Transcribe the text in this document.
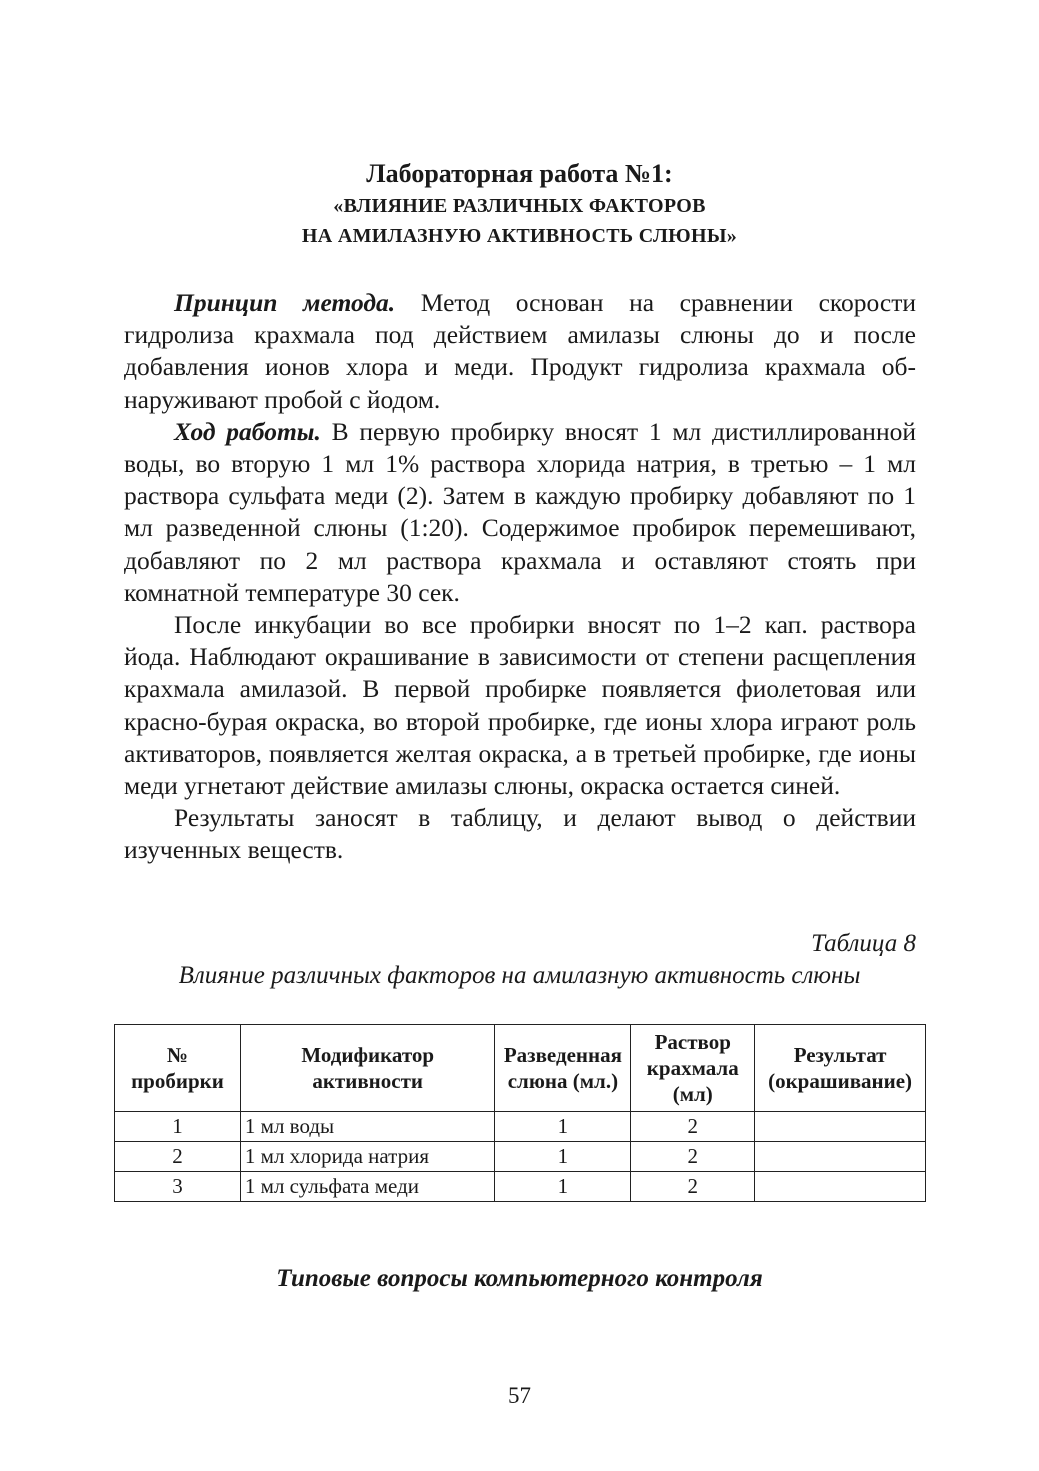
Лабораторная работа №1:
«ВЛИЯНИЕ РАЗЛИЧНЫХ ФАКТОРОВ
НА АМИЛАЗНУЮ АКТИВНОСТЬ СЛЮНЫ»

Принцип метода. Метод основан на сравнении скорости гидролиза крахмала под действием амилазы слюны до и после добавления ионов хлора и меди. Продукт гидролиза крахмала обнаруживают пробой с йодом.

Ход работы. В первую пробирку вносят 1 мл дистиллированной воды, во вторую 1 мл 1% раствора хлорида натрия, в третью – 1 мл раствора сульфата меди (2). Затем в каждую пробирку добавляют по 1 мл разведенной слюны (1:20). Содержимое пробирок перемешивают, добавляют по 2 мл раствора крахмала и оставляют стоять при комнатной температуре 30 сек.

После инкубации во все пробирки вносят по 1–2 кап. раствора йода. Наблюдают окрашивание в зависимости от степени расщепления крахмала амилазой. В первой пробирке появляется фиолетовая или красно-бурая окраска, во второй пробирке, где ионы хлора играют роль активаторов, появляется желтая окраска, а в третьей пробирке, где ионы меди угнетают действие амилазы слюны, окраска остается синей.

Результаты заносят в таблицу, и делают вывод о действии изученных веществ.

Таблица 8
Влияние различных факторов на амилазную активность слюны
№ пробирки	Модификатор активности	Разведенная слюна (мл.)	Раствор крахмала (мл)	Результат (окрашивание)
1	1 мл воды	1	2	
2	1 мл хлорида натрия	1	2	
3	1 мл сульфата меди	1	2	
Типовые вопросы компьютерного контроля
57
